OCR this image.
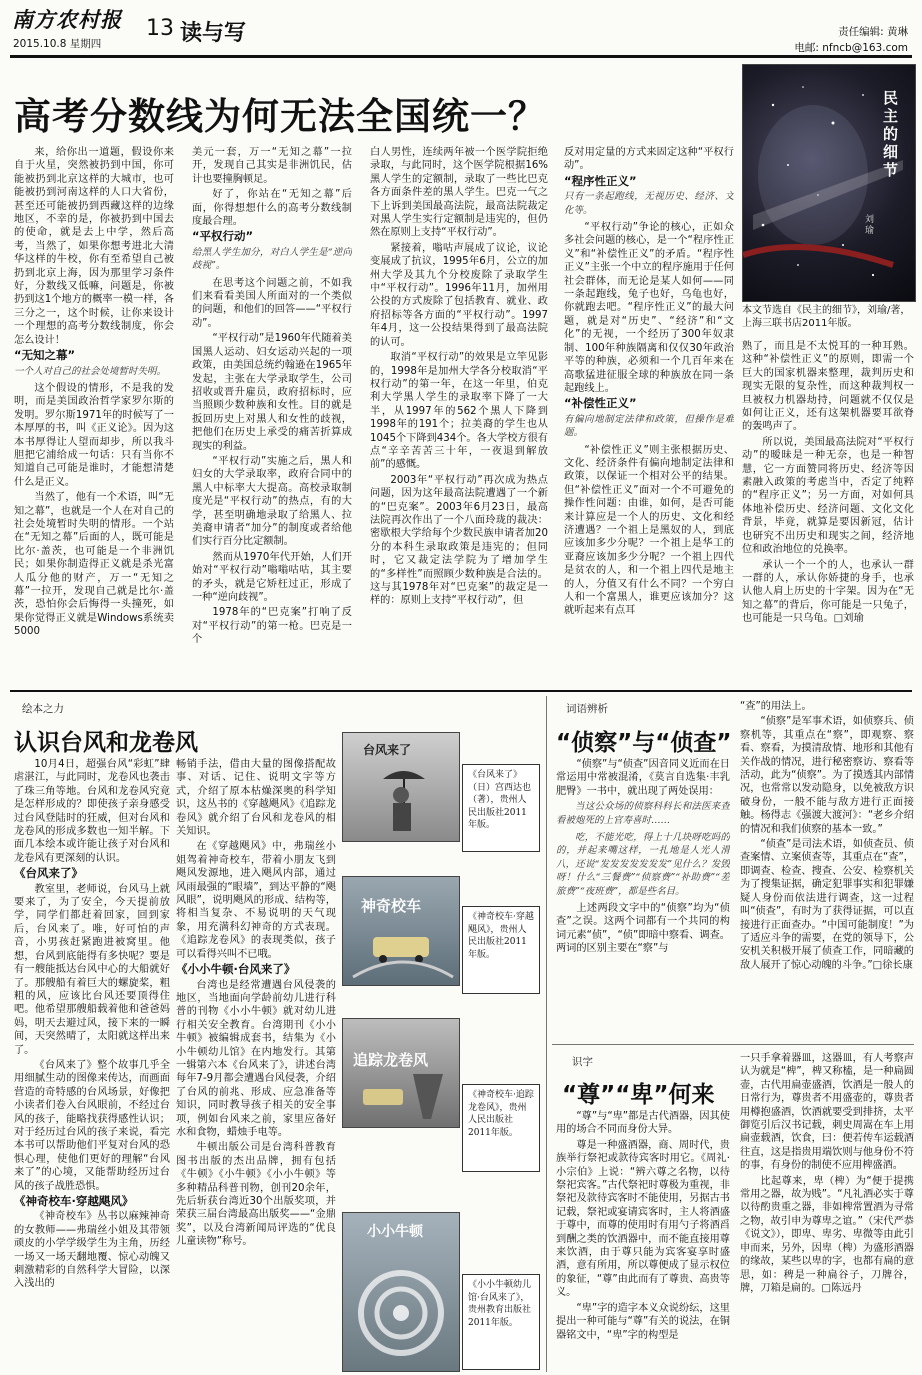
南方农村报
2015.10.8 星期四
13 读与写	责任编辑: 黄琳
电邮: nfncb@163.com
高考分数线为何无法全国统一？	民主的细节
刘瑜

来，给你出一道题，假设你来自于火星，突然被扔到中国，你可能被扔到北京这样的大城市，也可能被扔到河南这样的人口大省份，甚至还可能被扔到西藏这样的边缘地区，不幸的是，你被扔到中国去的使命，就是去上中学，然后高考，当然了，如果你想考进北大清华这样的牛校，你有至希望自己被扔到北京上海，因为那里学习条件好，分数线又低嘛，问题是，你被扔到这1个地方的概率一模一样，各三分之一，这个时候，让你来设计一个理想的高考分数线制度，你会怎么设计！

“无知之幕”

一个人对自己的社会处境暂时失明。

这个假设的情形，不是我的发明，而是美国政治哲学家罗尔斯的发明。罗尔斯1971年的时候写了一本厚厚的书，叫《正义论》。因为这本书厚得让人望而却步，所以我斗胆把它浦给成一句话：只有当你不知道自己可能是谁时，才能想清楚什么是正义。

当然了，他有一个术语，叫“无知之幕”，也就是一个人在对自己的社会处境暂时失明的情形。一个站在“无知之幕”后面的人，既可能是比尔·盖茨，也可能是一个非洲饥民；如果你制造得正义就是杀光富人瓜分他的财产，万一“无知之幕”一拉开，发现自己就是比尔·盖茨，恐怕你会后悔得一头撞死，如果你觉得正义就是Windows系统卖5000

美元一套，万一“无知之幕”一拉开，发现自己其实是非洲饥民，估计也要撞胸顿足。

好了，你站在“无知之幕”后面，你得想想什么的高考分数线制度最合理。

“平权行动”

给黑人学生加分，对白人学生是“逆向歧视”。

在思考这个问题之前，不如我们来看看美国人所面对的一个类似的问题，和他们的回答——“平权行动”。

“平权行动”是1960年代随着美国黑人运动、妇女运动兴起的一项政策，由美国总统约翰逊在1965年发起，主张在大学录取学生，公司招收或晋升雇员，政府招标时，应当照顾少数种族和女性。目的就是扳回历史上对黑人和女性的歧视，把他们在历史上承受的痛苦折算成现实的利益。

“平权行动”实施之后，黑人和妇女的大学录取率，政府合同中的黑人中标率大大提高。高校录取制度光是“平权行动”的热点，有的大学，甚至明确地录取了给黑人、拉美裔申请者“加分”的制度或者给他们实行百分比定额制。

然而从1970年代开始，人们开始对“平权行动”嗡嗡咕咕，其主要的矛头，就是它矫枉过正，形成了一种“逆向歧视”。

1978年的“巴克案”打响了反对“平权行动”的第一枪。巴克是一个

白人男性，连续两年被一个医学院拒绝录取，与此同时，这个医学院根据16%黑人学生的定额制，录取了一些比巴克各方面条件差的黑人学生。巴克一气之下上诉到美国最高法院，最高法院裁定对黑人学生实行定额制是违宪的，但仍然在原则上支持“平权行动”。

紧接着，嗡咕声展成了议论，议论变展成了抗议，1995年6月，公立的加州大学及其九个分校废除了录取学生中“平权行动”。1996年11月，加州用公投的方式废除了包括教育、就业、政府招标等各方面的“平权行动”。1997年4月，这一公投结果得到了最高法院的认可。

取消“平权行动”的效果是立竿见影的，1998年是加州大学各分校取消“平权行动”的第一年，在这一年里，伯克利大学黑人学生的录取率下降了一大半，从1997年的562个黑人下降到1998年的191个；拉美裔的学生也从1045个下降到434个。各大学校方很有点“辛辛苦苦三十年，一夜退到解放前”的感慨。

2003年“平权行动”再次成为热点问题，因为这年最高法院遭遇了一个新的“巴克案”。2003年6月23日，最高法院再次作出了一个八面玲珑的裁决：密歇根大学给每个少数民族申请者加20分的本科生录取政策是违宪的；但同时，它又裁定法学院为了增加学生的“多样性”而照顾少数种族是合法的。这与其1978年对“巴克案”的裁定是一样的：原则上支持“平权行动”，但

反对用定量的方式来固定这种“平权行动”。

“程序性正义”

只有一条起跑线，无视历史、经济、文化等。

“平权行动”争论的核心，正如众多社会问题的核心，是一个“程序性正义”和“补偿性正义”的矛盾。“程序性正义”主张一个中立的程序施用于任何社会群体，而无论是某人如何——同一条起跑线，兔子也好，乌龟也好，你就跑去吧。“程序性正义”的最大问题，就是对“历史”、“经济”和“文化”的无视，一个经历了300年奴隶制、100年种族隔离和仅仅30年政治平等的种族，必须和一个几百年来在高歌猛进征服全球的种族放在同一条起跑线上。

“补偿性正义”

有偏向地制定法律和政策，但操作是难题。

“补偿性正义”则主张根据历史、文化、经济条件有偏向地制定法律和政策，以保证一个相对公平的结果。但“补偿性正义”面对一个不可避免的操作性问题：由谁，如何，是否可能来计算应是一个人的历史、文化和经济遭遇？一个祖上是黑奴的人，到底应该加多少分呢？一个祖上是华工的亚裔应该加多少分呢？一个祖上四代是贫农的人，和一个祖上四代是地主的人，分值又有什么不同？一个穷白人和一个富黑人，谁更应该加分？这就听起来有点耳

本文节选自《民主的细节》，刘瑜/著，上海三联书店2011年版。

熟了，而且是不太悦耳的一种耳熟。这种“补偿性正义”的原则，即需一个巨大的国家机器来整理，裁判历史和现实无限的复杂性，而这种裁判权一旦被权力机器劫持，问题就不仅仅是如何让正义，还有这架机器要耳欲脊的轰鸣声了。

所以说，美国最高法院对“平权行动”的暧昧是一种无奈，也是一种智慧，它一方面赞同将历史、经济等因素融入政策的考虑当中，否定了纯粹的“程序正义”；另一方面，对如何具体地补偿历史、经济问题、文化文化背景，毕竟，就算是要因新冠，估计也研究不出历史和现实之间，经济地位和政治地位的兑换率。

承认一个一个的人，也承认一群一群的人，承认你娇捷的身手，也承认他人肩上历史的十字架。因为在“无知之幕”的背后，你可能是一只兔子，也可能是一只乌龟。□刘瑜

绘本之力
认识台风和龙卷风

10月4日，超强台风“彩虹”肆虐湛江，与此同时，龙卷风也袭击了珠三角等地。台风和龙卷风究竟是怎样形成的？即使孩子亲身感受过台风登陆时的狂威，但对台风和龙卷风的形成多数也一知半解。下面几本绘本或许能让孩子对台风和龙卷风有更深刻的认识。

《台风来了》

教室里，老师说，台风马上就要来了，为了安全，今天提前放学，同学们都赶着回家，回到家后，台风来了。唯，好可怕的声音，小男孩赶紧跑进被窝里。他想，台风到底能得有多快呢？要是有一艘能抵达台风中心的大船就好了。那艘船有着巨大的螺旋桨，粗粗的风，应该比台风还要顶得住吧。他希望那艘船载着他和爸爸妈妈，明天去避过风，接下来的一瞬间，天突然晴了，太阳就这样出来了。

《台风来了》整个故事几乎全用细腻生动的图像来传达，而画面营造的奇特感的台风场景，好像把小读者们卷入台风眼前，不经过台风的孩子，能略找获得感性认识；对于经历过台风的孩子来说，看完本书可以帮助他们平复对台风的恐惧心理，使他们更好的理解“台风来了”的心境，又能帮助经历过台风的孩子战胜恐惧。

《神奇校车·穿越飓风》

《神奇校车》丛书以麻辣神奇的女教师——弗瑞丝小姐及其带领顽皮的小学学级学生为主角，历经一场又一场天翻地覆、惊心动魄又刺激精彩的自然科学大冒险，以深入浅出的

畅销手法，借由大量的图像搭配故事、对话、记住、说明文字等方式，介绍了原本枯燥深奥的科学知识，这丛书的《穿越飓风》《追踪龙卷风》就介绍了台风和龙卷风的相关知识。

在《穿越飓风》中，弗瑞丝小姐驾着神奇校车，带着小朋友飞到飓风发源地，进入飓风内部，通过风雨最强的“眼墙”，到达平静的“飓风眼”，说明飓风的形成、结构等，将相当复杂、不易说明的天气现象，用充满科幻神奇的方式表现。《追踪龙卷风》的表现类似，孩子可以看得兴叫不已哦。

《小小牛顿·台风来了》

台湾也是经常遭遇台风侵袭的地区，当地面向学龄前幼儿进行科普的刊物《小小牛顿》就对幼儿进行相关安全教育。台湾期刊《小小牛顿》被编辑成套书，结集为《小小牛顿幼儿馆》在内地发行。其第一辑第六本《台风来了》，讲述台湾每年7-9月都会遭遇台风侵袭，介绍了台风的前兆、形成、应急准备等知识，同时教导孩子相关的安全事项，例如台风来之前，家里应备好水和食物，蜡烛手电等。

牛顿出版公司是台湾科普教育图书出版的杰出品牌，拥有包括《牛顿》《小牛顿》《小小牛顿》等多种精品科普刊物，创刊20余年，先后斩获台湾近30个出版奖项，并荣获三届台湾最高出版奖——“金鼎奖”，以及台湾新闻局评选的“优良儿童读物”称号。

台风来了
《台风来了》（日）宫西达也（著），贵州人民出版社2011年版。
神奇校车
《神奇校车·穿越飓风》，贵州人民出版社2011年版。
追踪龙卷风
《神奇校车·追踪龙卷风》，贵州人民出版社2011年版。
小小牛顿
《小小牛顿幼儿馆·台风来了》，贵州教育出版社2011年版。
词语辨析
“侦察”与“侦查”

“侦察”与“侦查”因音同义近而在日常运用中常被混淆，《莫言自选集·丰乳肥臀》一书中，就出现了两处误用：

当这公众场的侦察科科长和法医来查看被炮死的上官寿喜时……

吃，不能光吃，得上十几块呀吃吗的的，并起来嘴这样，一扎地是人光人滑八，还说“发发发发发发发”见什么？发毁呀！什么“三餐费”“侦察费”“补助费”“差旅费”“夜班费”，都是些名目。

上述两段文字中的“侦察”均为“侦查”之误。这两个词都有一个共同的构词元素“侦”，“侦”即暗中察看、调查。两词的区别主要在“察”与

“查”的用法上。

“侦察”是军事术语，如侦察兵、侦察机等，其重点在“察”，即观察、察看、察看，为摸清敌情、地形和其他有关作战的情况，进行秘密察访、察看等活动，此为“侦察”。为了摸透其内部情况，也常常以发动隐身，以免被敌方识破身份，一般不能与敌方进行正面接触。杨得志《强渡大渡河》：“老乡介绍的情况和我们侦察的基本一致。”

“侦查”是司法术语，如侦查员、侦查案情、立案侦查等，其重点在“查”，即调查、检查、搜查、公安、检察机关为了搜集证据，确定犯罪事实和犯罪嫌疑人身份而依法进行调查，这一过程叫“侦查”，有时为了获得证据，可以直接进行正面查办。“中国可能制度！”为了适应斗争的需要，在党的领导下，公安机关积极开展了侦查工作，同暗藏的敌人展开了惊心动魄的斗争。”□徐长康

识字
“尊”“卑”何来

“尊”与“卑”都是古代酒器，因其使用的场合不同而身份大异。

尊是一种盛酒器，商、周时代，贵族举行祭祀或款待宾客时用它。《周礼·小宗伯》上说：“辨六尊之名物，以待祭祀宾客。”古代祭祀时尊极为重视，非祭祀及款待宾客时不能使用，另据古书记载，祭祀或宴请宾客时，主人将酒盛于尊中，而尊的使用时有用勺子将酒舀到酬之类的饮酒器中，而不能直接用尊来饮酒，由于尊只能为宾客宴享时盛酒，意有所用，所以尊便成了显示权位的象征，“尊”由此而有了尊贵、高贵等义。

“卑”字的造字本义众说纷纭，这里提出一种可能与“尊”有关的说法，在铜器铭文中，“卑”字的构型是

一只手拿着器皿，这器皿，有人考察声认为就是“椑”，椑又称榼，是一种扁圆壶，古代用扁壶盛酒，饮酒是一般人的日常行为，尊贵者不用盛壶的，尊贵者用樽抱盛酒，饮酒就要受到排挤，太平御览引后汉书记载，刺史周嵩在车上用扁壶载酒，饮食，曰：便若传车运载酒往直，这是指贵用端饮则与他身份不符的事，有身份的制使不应用椑盛酒。

比起尊来，卑（椑）为“便于提携常用之器，故为贱”。“凡礼酒必实于尊以待酌贵重之器，非如椑常置酒为寻常之物，故引申为尊卑之谊。”（宋代严恭《说文》），即卑、卑劣、卑微等由此引申而来，另外，因卑（椑）为盛形酒器的缘故，某些以卑的字，也都有扁的意思，如：稗是一种扁谷子，刀牌谷，牌，刀箱是扁的。□陈远丹
